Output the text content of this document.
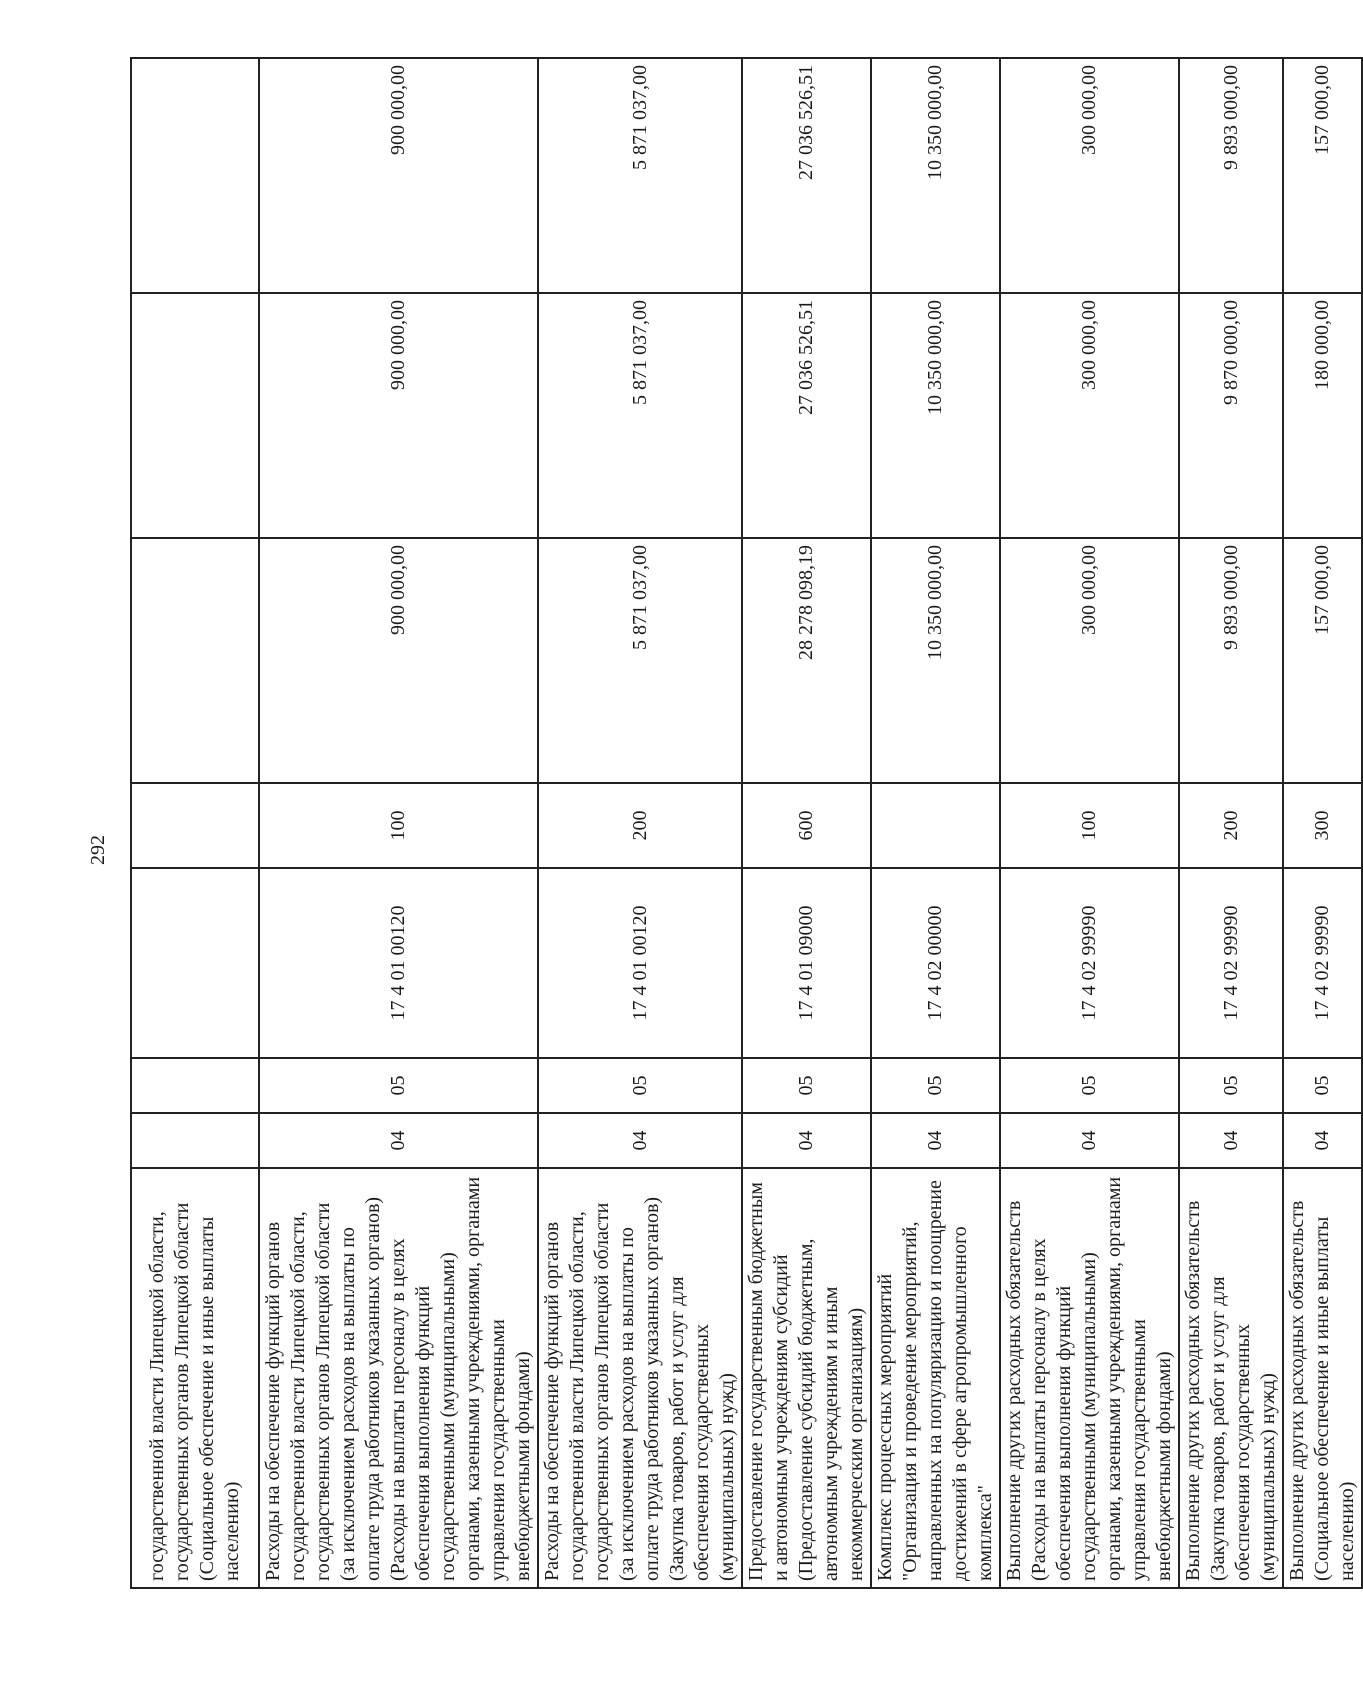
292
государственной власти Липецкой области, государственных органов Липецкой области (Социальное обеспечение и иные выплаты населению)							
Расходы на обеспечение функций органов государственной власти Липецкой области, государственных органов Липецкой области (за исключением расходов на выплаты по оплате труда работников указанных органов) (Расходы на выплаты персоналу в целях обеспечения выполнения функций государственными (муниципальными) органами, казенными учреждениями, органами управления государственными внебюджетными фондами)	04	05	17 4 01 00120	100	900 000,00	900 000,00	900 000,00
Расходы на обеспечение функций органов государственной власти Липецкой области, государственных органов Липецкой области (за исключением расходов на выплаты по оплате труда работников указанных органов) (Закупка товаров, работ и услуг для обеспечения государственных (муниципальных) нужд)	04	05	17 4 01 00120	200	5 871 037,00	5 871 037,00	5 871 037,00
Предоставление государственным бюджетным и автономным учреждениям субсидий (Предоставление субсидий бюджетным, автономным учреждениям и иным некоммерческим организациям)	04	05	17 4 01 09000	600	28 278 098,19	27 036 526,51	27 036 526,51
Комплекс процессных мероприятий "Организация и проведение мероприятий, направленных на популяризацию и поощрение достижений в сфере агропромышленного комплекса"	04	05	17 4 02 00000		10 350 000,00	10 350 000,00	10 350 000,00
Выполнение других расходных обязательств (Расходы на выплаты персоналу в целях обеспечения выполнения функций государственными (муниципальными) органами, казенными учреждениями, органами управления государственными внебюджетными фондами)	04	05	17 4 02 99990	100	300 000,00	300 000,00	300 000,00
Выполнение других расходных обязательств (Закупка товаров, работ и услуг для обеспечения государственных (муниципальных) нужд)	04	05	17 4 02 99990	200	9 893 000,00	9 870 000,00	9 893 000,00
Выполнение других расходных обязательств (Социальное обеспечение и иные выплаты населению)	04	05	17 4 02 99990	300	157 000,00	180 000,00	157 000,00
